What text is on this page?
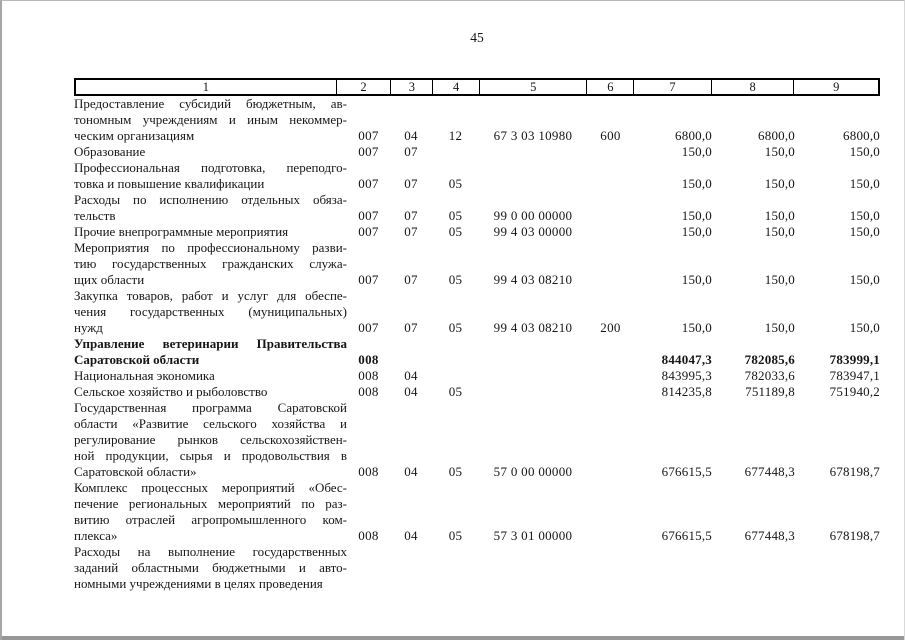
45
1	2	3	4	5	6	7	8	9
Предоставление субсидий бюджетным, ав-
тономным учреждениям и иным некоммер-
ческим организациям	007	04	12	67 3 03 10980	600	6800,0	6800,0	6800,0

Образование	007	07				150,0	150,0	150,0

Профессиональная подготовка, переподго-
товка и повышение квалификации	007	07	05			150,0	150,0	150,0

Расходы по исполнению отдельных обяза-
тельств	007	07	05	99 0 00 00000		150,0	150,0	150,0

Прочие внепрограммные мероприятия	007	07	05	99 4 03 00000		150,0	150,0	150,0

Мероприятия по профессиональному разви-
тию государственных гражданских служа-
щих области	007	07	05	99 4 03 08210		150,0	150,0	150,0

Закупка товаров, работ и услуг для обеспе-
чения государственных (муниципальных)
нужд	007	07	05	99 4 03 08210	200	150,0	150,0	150,0

Управление ветеринарии Правительства
Саратовской области	008					844047,3	782085,6	783999,1

Национальная экономика	008	04				843995,3	782033,6	783947,1

Сельское хозяйство и рыболовство	008	04	05			814235,8	751189,8	751940,2

Государственная программа Саратовской
области «Развитие сельского хозяйства и
регулирование рынков сельскохозяйствен-
ной продукции, сырья и продовольствия в
Саратовской области»	008	04	05	57 0 00 00000		676615,5	677448,3	678198,7

Комплекс процессных мероприятий «Обес-
печение региональных мероприятий по раз-
витию отраслей агропромышленного ком-
плекса»	008	04	05	57 3 01 00000		676615,5	677448,3	678198,7

Расходы на выполнение государственных
заданий областными бюджетными и авто-
номными учреждениями в целях проведения								
